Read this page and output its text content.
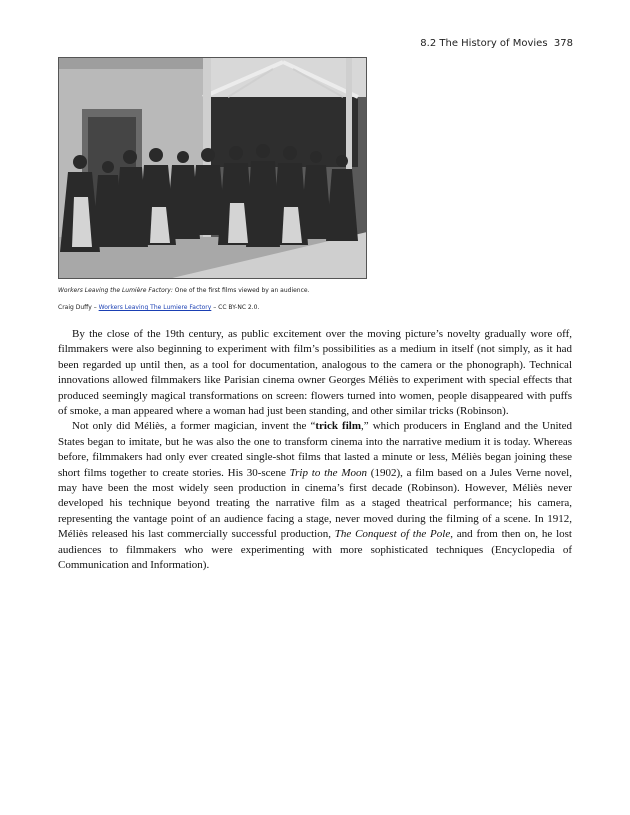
8.2 The History of Movies 378
Workers Leaving the Lumière Factory: One of the first films viewed by an audience.
Craig Duffy – Workers Leaving The Lumiere Factory – CC BY-NC 2.0.

By the close of the 19th century, as public excitement over the moving picture’s novelty gradually wore off, filmmakers were also beginning to experiment with film’s possibilities as a medium in itself (not simply, as it had been regarded up until then, as a tool for documentation, analogous to the camera or the phonograph). Technical innovations allowed filmmakers like Parisian cinema owner Georges Méliès to experiment with special effects that produced seemingly magical transformations on screen: flowers turned into women, people disappeared with puffs of smoke, a man appeared where a woman had just been standing, and other similar tricks (Robinson).

Not only did Méliès, a former magician, invent the “trick film,” which producers in England and the United States began to imitate, but he was also the one to transform cinema into the narrative medium it is today. Whereas before, filmmakers had only ever created single-shot films that lasted a minute or less, Méliès began joining these short films together to create stories. His 30-scene Trip to the Moon (1902), a film based on a Jules Verne novel, may have been the most widely seen production in cinema’s first decade (Robinson). However, Méliès never developed his technique beyond treating the narrative film as a staged theatrical performance; his camera, representing the vantage point of an audience facing a stage, never moved during the filming of a scene. In 1912, Méliès released his last commercially successful production, The Conquest of the Pole, and from then on, he lost audiences to filmmakers who were experimenting with more sophisticated techniques (Encyclopedia of Communication and Information).
